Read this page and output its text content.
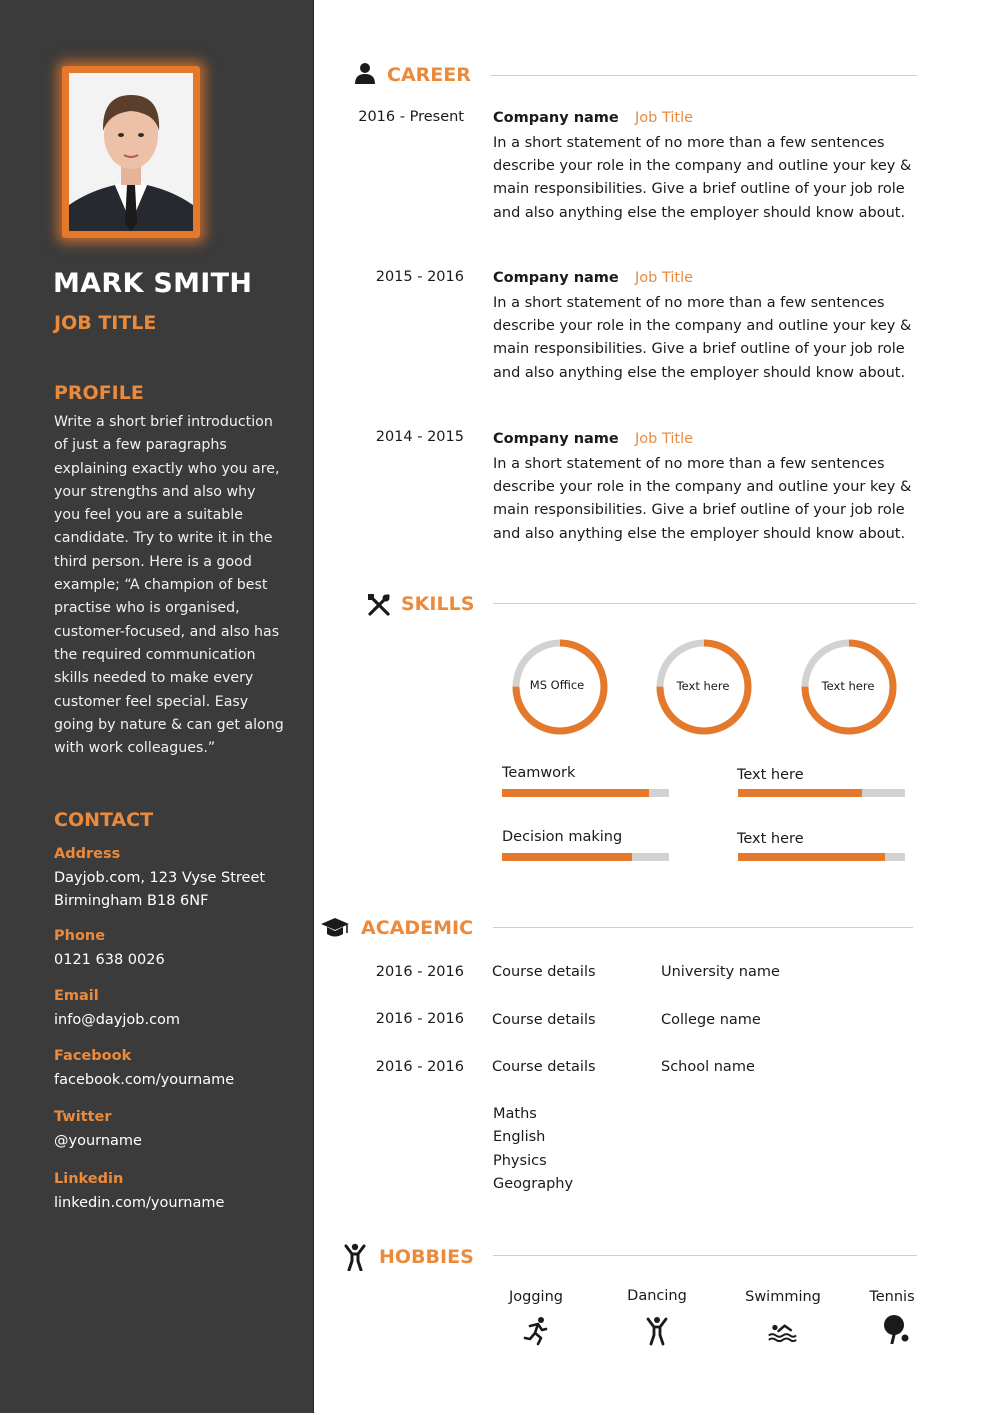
MARK SMITH
JOB TITLE
PROFILE
Write a short brief introduction
of just a few paragraphs
explaining exactly who you are,
your strengths and also why
you feel you are a suitable
candidate. Try to write it in the
third person. Here is a good
example; “A champion of best
practise who is organised,
customer-focused, and also has
the required communication
skills needed to make every
customer feel special. Easy
going by nature & can get along
with work colleagues.”
CONTACT
Address
Dayjob.com, 123 Vyse Street
Birmingham B18 6NF
Phone
0121 638 0026
Email
info@dayjob.com
Facebook
facebook.com/yourname
Twitter
@yourname
Linkedin
linkedin.com/yourname
CAREER
2016 - Present Company name Job Title
In a short statement of no more than a few sentences
describe your role in the company and outline your key &
main responsibilities. Give a brief outline of your job role
and also anything else the employer should know about.
2015 - 2016 Company name Job Title
In a short statement of no more than a few sentences
describe your role in the company and outline your key &
main responsibilities. Give a brief outline of your job role
and also anything else the employer should know about.
2014 - 2015 Company name Job Title
In a short statement of no more than a few sentences
describe your role in the company and outline your key &
main responsibilities. Give a brief outline of your job role
and also anything else the employer should know about.
SKILLS
MS Office	Text here	Text here
Teamwork	Text here
Decision making	Text here
ACADEMIC
2016 - 2016 Course details	University name
2016 - 2016 Course details	College name
2016 - 2016 Course details	School name
Maths
English
Physics
Geography
HOBBIES
Jogging	Dancing	Swimming	Tennis
